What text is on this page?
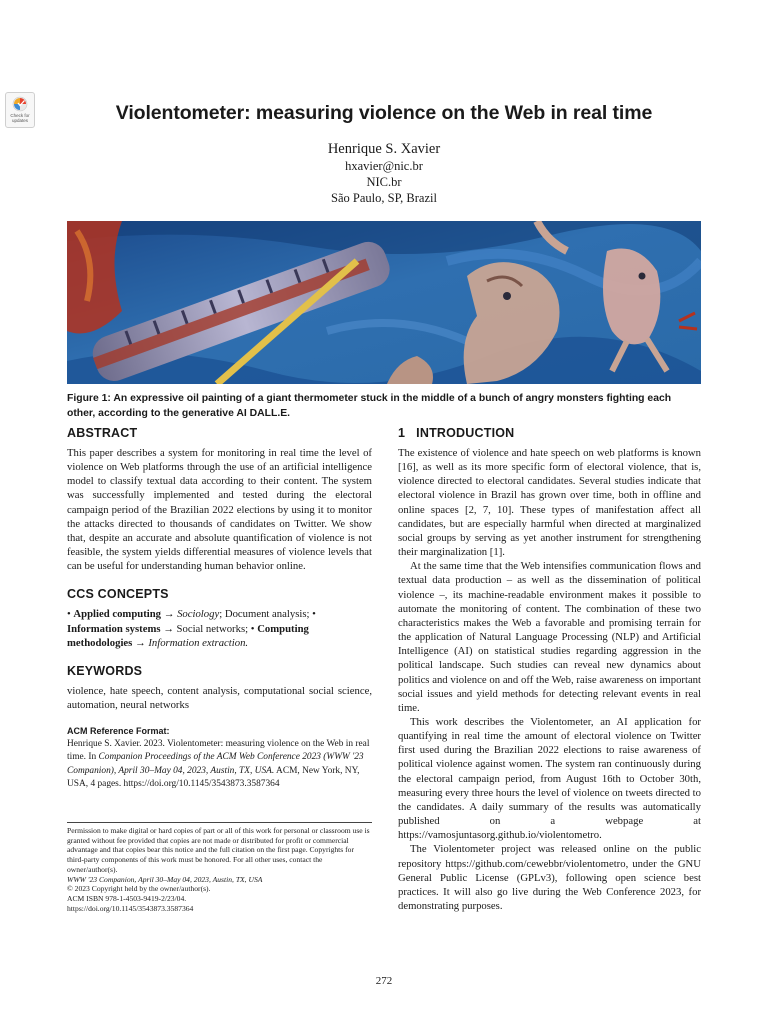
Check for updates	Violentometer: measuring violence on the Web in real time
Henrique S. Xavier
hxavier@nic.br
NIC.br
São Paulo, SP, Brazil

Figure 1: An expressive oil painting of a giant thermometer stuck in the middle of a bunch of angry monsters fighting each other, according to the generative AI DALL.E.

ABSTRACT

This paper describes a system for monitoring in real time the level of violence on Web platforms through the use of an artificial intelligence model to classify textual data according to their content. The system was successfully implemented and tested during the electoral campaign period of the Brazilian 2022 elections by using it to monitor the attacks directed to thousands of candidates on Twitter. We show that, despite an accurate and absolute quantification of violence is not feasible, the system yields differential measures of violence levels that can be useful for understanding human behavior online.

CCS CONCEPTS

• Applied computing → Sociology; Document analysis; • Information systems → Social networks; • Computing methodologies → Information extraction.

KEYWORDS

violence, hate speech, content analysis, computational social science, automation, neural networks

ACM Reference Format:

Henrique S. Xavier. 2023. Violentometer: measuring violence on the Web in real time. In Companion Proceedings of the ACM Web Conference 2023 (WWW '23 Companion), April 30–May 04, 2023, Austin, TX, USA. ACM, New York, NY, USA, 4 pages. https://doi.org/10.1145/3543873.3587364

Permission to make digital or hard copies of part or all of this work for personal or classroom use is granted without fee provided that copies are not made or distributed for profit or commercial advantage and that copies bear this notice and the full citation on the first page. Copyrights for third-party components of this work must be honored. For all other uses, contact the owner/author(s).

WWW '23 Companion, April 30–May 04, 2023, Austin, TX, USA

© 2023 Copyright held by the owner/author(s).

ACM ISBN 978-1-4503-9419-2/23/04.

https://doi.org/10.1145/3543873.3587364

1   INTRODUCTION

The existence of violence and hate speech on web platforms is known [16], as well as its more specific form of electoral violence, that is, violence directed to electoral candidates. Several studies indicate that electoral violence in Brazil has grown over time, both in offline and online spaces [2, 7, 10]. These types of manifestation affect all candidates, but are especially harmful when directed at marginalized social groups by serving as yet another instrument for strengthening their marginalization [1].

At the same time that the Web intensifies communication flows and textual data production – as well as the dissemination of political violence –, its machine-readable environment makes it possible to automate the monitoring of content. The combination of these two characteristics makes the Web a favorable and promising terrain for the application of Natural Language Processing (NLP) and Artificial Intelligence (AI) on statistical studies regarding aggression in the political landscape. Such studies can reveal new dynamics about politics and violence on and off the Web, raise awareness on important social issues and yield methods for detecting relevant events in real time.

This work describes the Violentometer, an AI application for quantifying in real time the amount of electoral violence on Twitter first used during the Brazilian 2022 elections to raise awareness of political violence against women. The system ran continuously during the electoral campaign period, from August 16th to October 30th, measuring every three hours the level of violence on tweets directed to the candidates. A daily summary of the results was automatically published on a webpage at https://vamosjuntasorg.github.io/violentometro.

The Violentometer project was released online on the public repository https://github.com/cewebbr/violentometro, under the GNU General Public License (GPLv3), following open science best practices. It will also go live during the Web Conference 2023, for demonstrating purposes.

272
